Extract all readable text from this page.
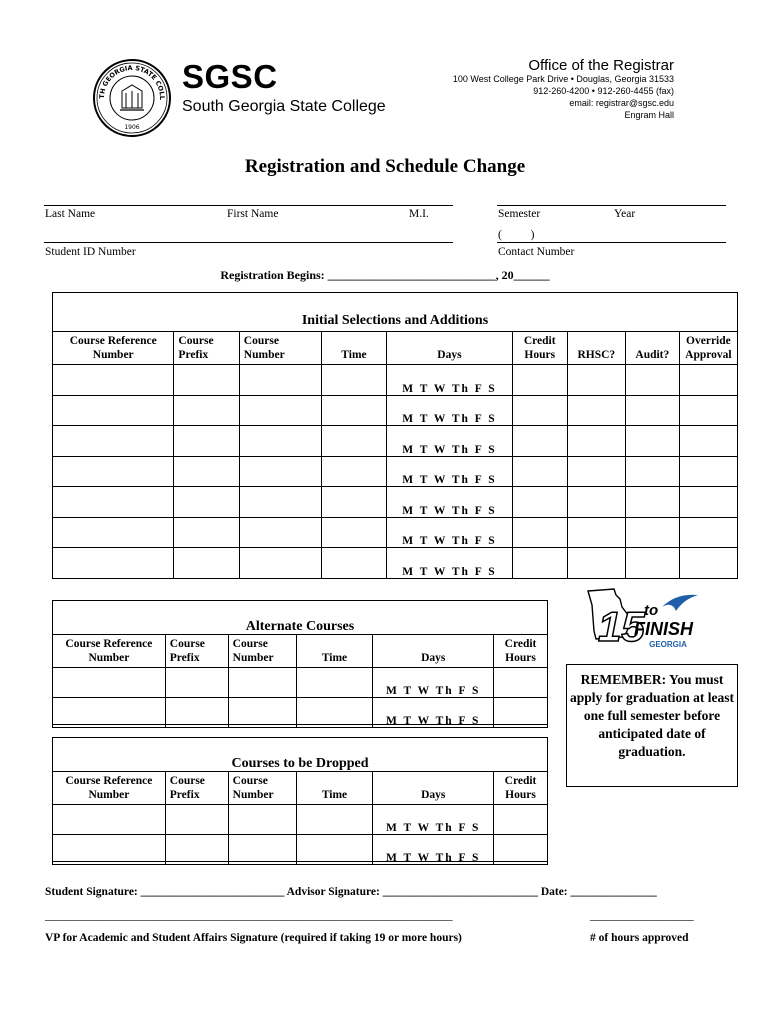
TH GEORGIA STATE COLL
1906
SGSC
South Georgia State College
Office of the Registrar
100 West College Park Drive • Douglas, Georgia 31533
912-260-4200 • 912-260-4455 (fax)
email: registrar@sgsc.edu
Engram Hall
Registration and Schedule Change
Last Name	First Name	M.I.	Semester	Year
Student ID Number
(          )
Contact Number
Registration Begins: ____________________________, 20______
Initial Selections and Additions
Course Reference Number	Course Prefix	Course Number	Time	Days	Credit Hours	RHSC?	Audit?	Override Approval
				M T W Th F S				
				M T W Th F S				
				M T W Th F S				
				M T W Th F S				
				M T W Th F S				
				M T W Th F S				
				M T W Th F S				
Alternate Courses
Course Reference Number	Course Prefix	Course Number	Time	Days	Credit Hours
				M T W Th F S	
				M T W Th F S	
Courses to be Dropped
Course Reference Number	Course Prefix	Course Number	Time	Days	Credit Hours
				M T W Th F S	
				M T W Th F S	
15 to
FINISH
GEORGIA
REMEMBER: You must apply for graduation at least one full semester before anticipated date of graduation.
Student Signature: _________________________ Advisor Signature: ___________________________ Date: _______________
_______________________________________________________________________________	____________________
VP for Academic and Student Affairs Signature (required if taking 19 or more hours)	# of hours approved
